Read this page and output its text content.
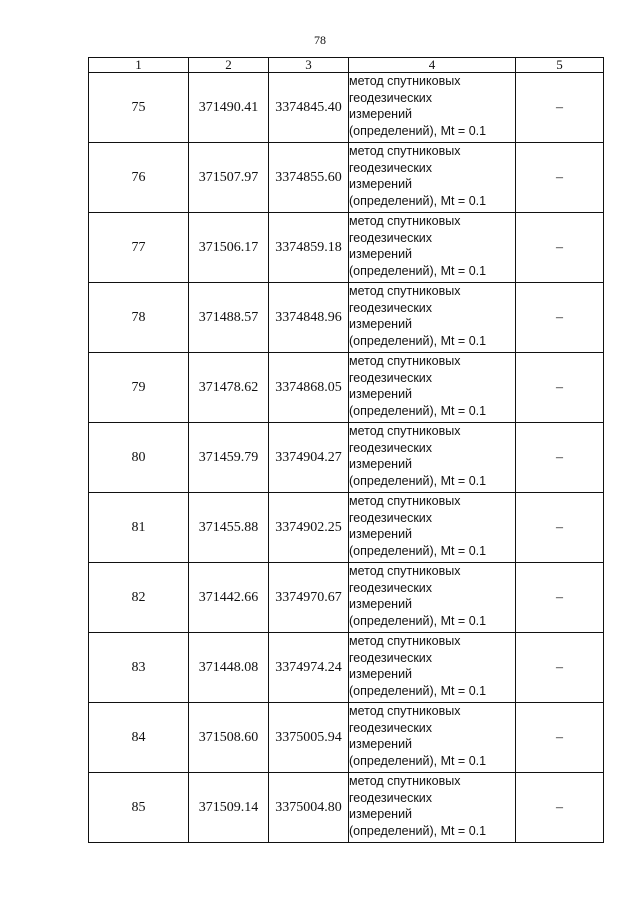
78
1	2	3	4	5
75	371490.41	3374845.40	метод спутниковых
геодезических
измерений
(определений), Mt = 0.1	–
76	371507.97	3374855.60	метод спутниковых
геодезических
измерений
(определений), Mt = 0.1	–
77	371506.17	3374859.18	метод спутниковых
геодезических
измерений
(определений), Mt = 0.1	–
78	371488.57	3374848.96	метод спутниковых
геодезических
измерений
(определений), Mt = 0.1	–
79	371478.62	3374868.05	метод спутниковых
геодезических
измерений
(определений), Mt = 0.1	–
80	371459.79	3374904.27	метод спутниковых
геодезических
измерений
(определений), Mt = 0.1	–
81	371455.88	3374902.25	метод спутниковых
геодезических
измерений
(определений), Mt = 0.1	–
82	371442.66	3374970.67	метод спутниковых
геодезических
измерений
(определений), Mt = 0.1	–
83	371448.08	3374974.24	метод спутниковых
геодезических
измерений
(определений), Mt = 0.1	–
84	371508.60	3375005.94	метод спутниковых
геодезических
измерений
(определений), Mt = 0.1	–
85	371509.14	3375004.80	метод спутниковых
геодезических
измерений
(определений), Mt = 0.1	–
